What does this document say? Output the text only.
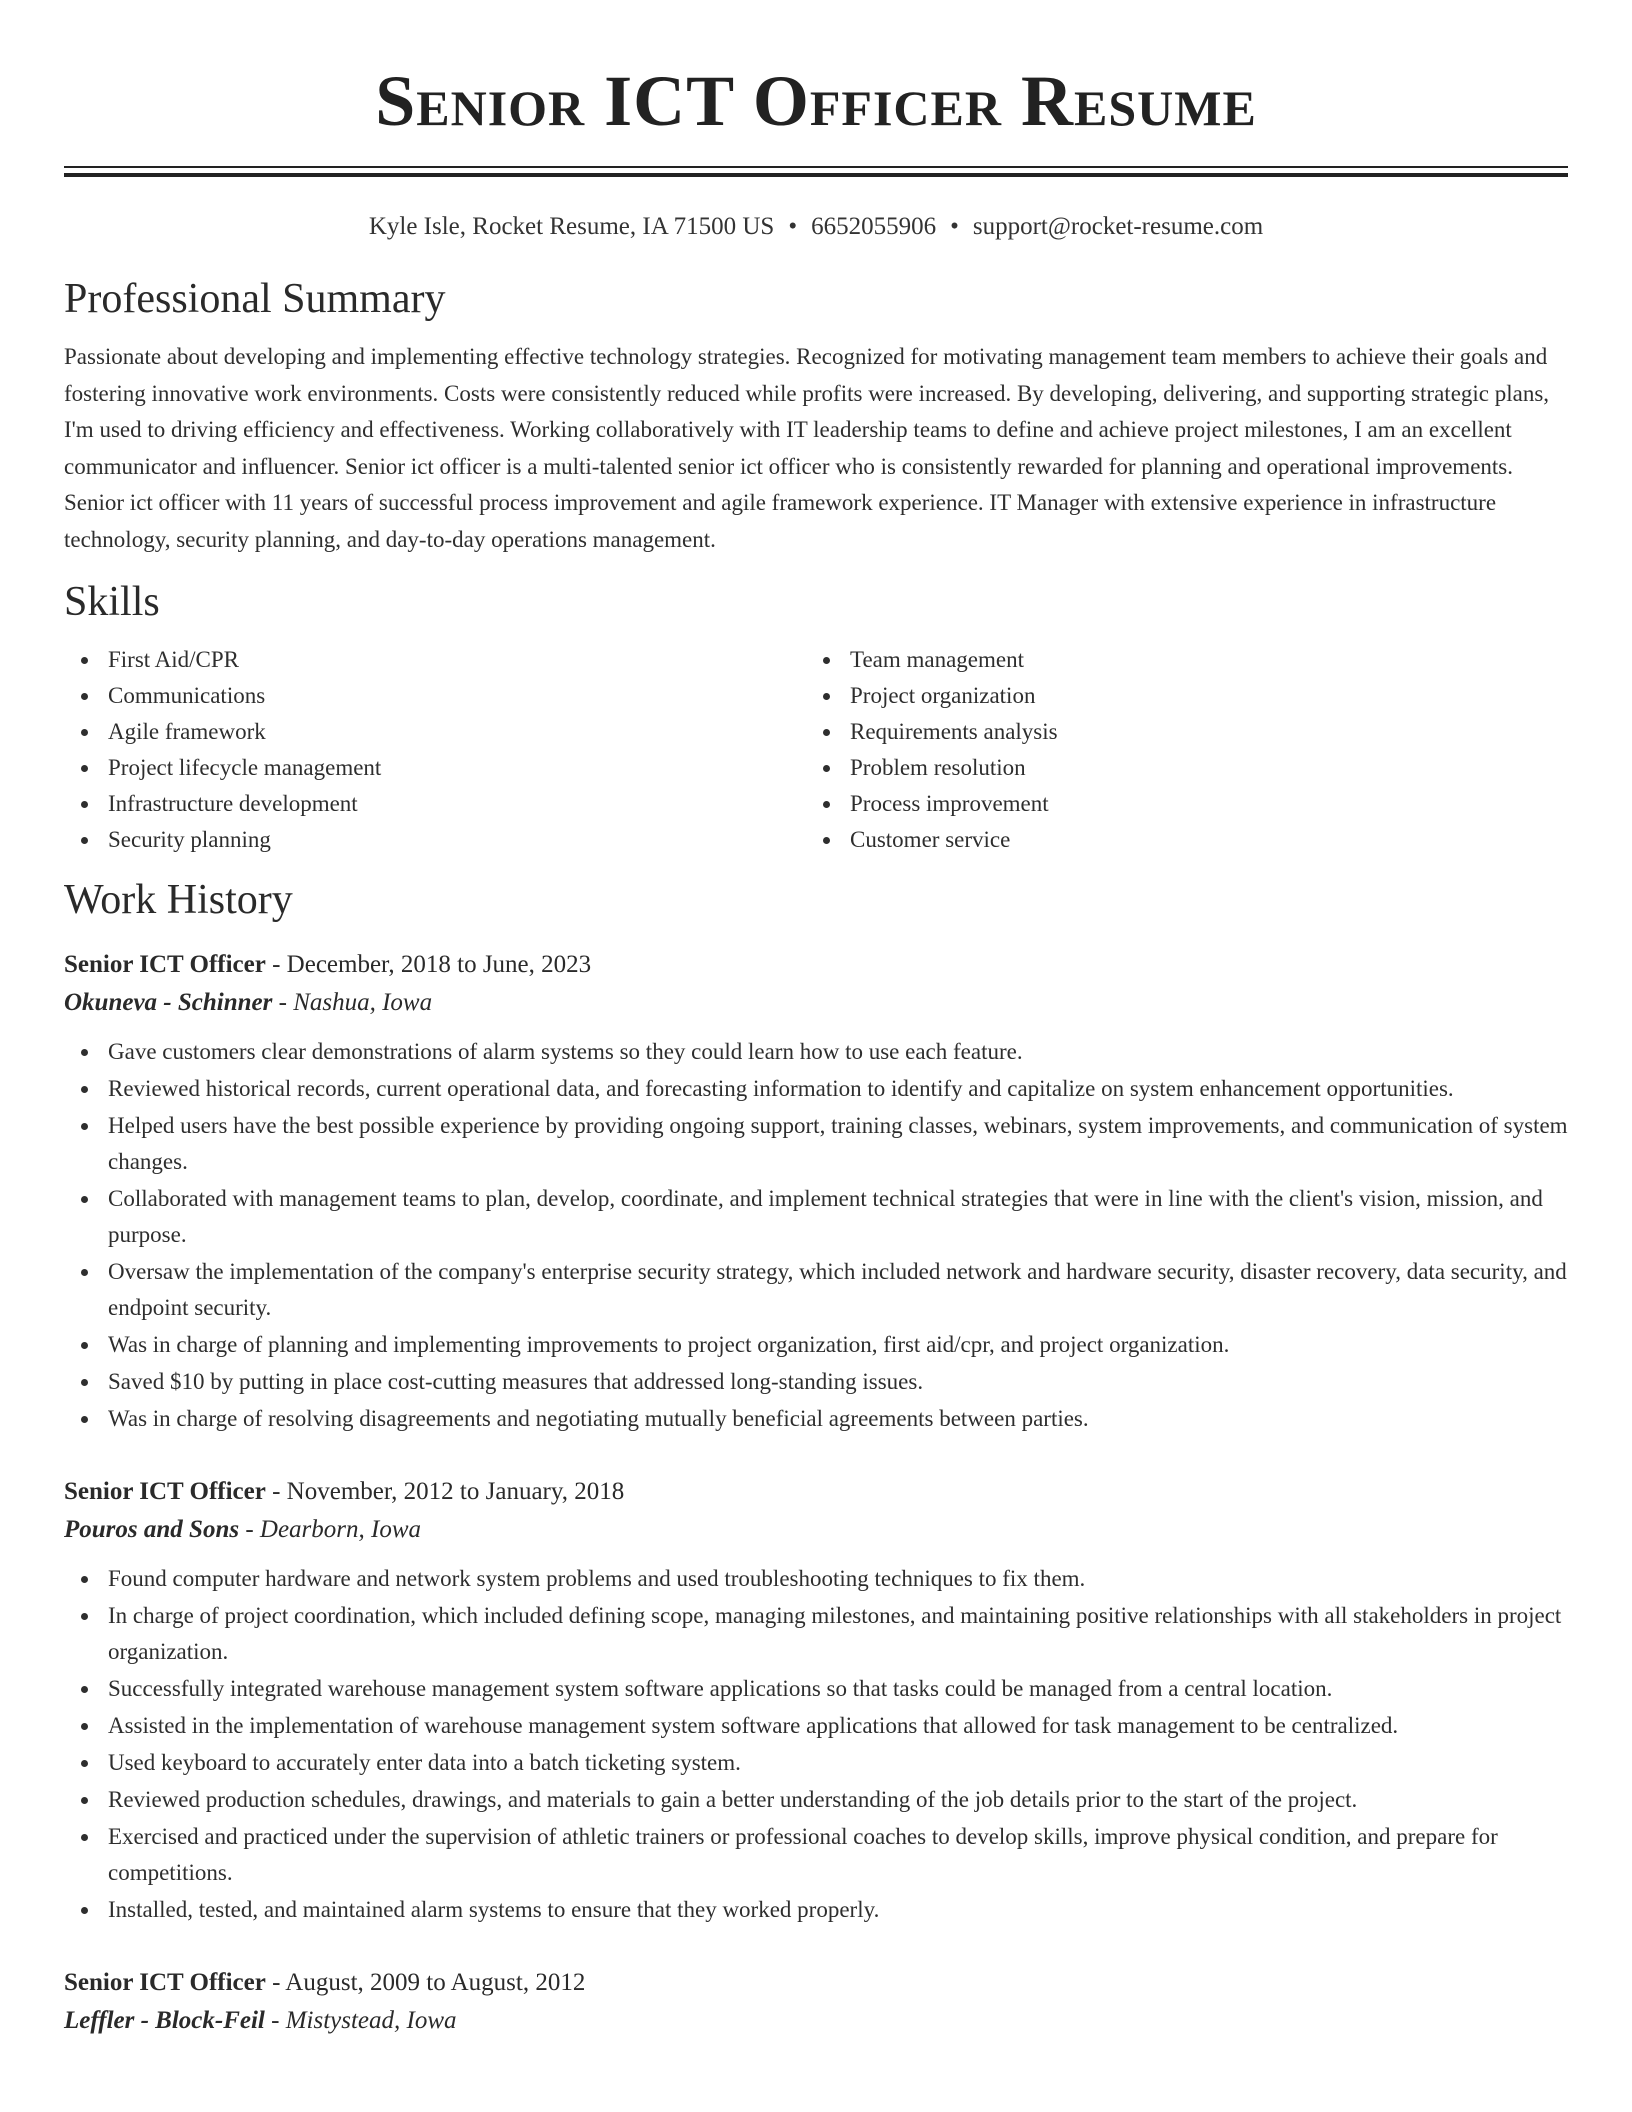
Senior ICT Officer Resume
Kyle Isle, Rocket Resume, IA 71500 US • 6652055906 • support@rocket-resume.com
Professional Summary
Passionate about developing and implementing effective technology strategies. Recognized for motivating management team members to achieve their goals and fostering innovative work environments. Costs were consistently reduced while profits were increased. By developing, delivering, and supporting strategic plans, I'm used to driving efficiency and effectiveness. Working collaboratively with IT leadership teams to define and achieve project milestones, I am an excellent communicator and influencer. Senior ict officer is a multi-talented senior ict officer who is consistently rewarded for planning and operational improvements. Senior ict officer with 11 years of successful process improvement and agile framework experience. IT Manager with extensive experience in infrastructure technology, security planning, and day-to-day operations management.
Skills
First Aid/CPR
Communications
Agile framework
Project lifecycle management
Infrastructure development
Security planning
Team management
Project organization
Requirements analysis
Problem resolution
Process improvement
Customer service
Work History
Senior ICT Officer - December, 2018 to June, 2023
Okuneva - Schinner - Nashua, Iowa
Gave customers clear demonstrations of alarm systems so they could learn how to use each feature.
Reviewed historical records, current operational data, and forecasting information to identify and capitalize on system enhancement opportunities.
Helped users have the best possible experience by providing ongoing support, training classes, webinars, system improvements, and communication of system changes.
Collaborated with management teams to plan, develop, coordinate, and implement technical strategies that were in line with the client's vision, mission, and purpose.
Oversaw the implementation of the company's enterprise security strategy, which included network and hardware security, disaster recovery, data security, and endpoint security.
Was in charge of planning and implementing improvements to project organization, first aid/cpr, and project organization.
Saved $10 by putting in place cost-cutting measures that addressed long-standing issues.
Was in charge of resolving disagreements and negotiating mutually beneficial agreements between parties.
Senior ICT Officer - November, 2012 to January, 2018
Pouros and Sons - Dearborn, Iowa
Found computer hardware and network system problems and used troubleshooting techniques to fix them.
In charge of project coordination, which included defining scope, managing milestones, and maintaining positive relationships with all stakeholders in project organization.
Successfully integrated warehouse management system software applications so that tasks could be managed from a central location.
Assisted in the implementation of warehouse management system software applications that allowed for task management to be centralized.
Used keyboard to accurately enter data into a batch ticketing system.
Reviewed production schedules, drawings, and materials to gain a better understanding of the job details prior to the start of the project.
Exercised and practiced under the supervision of athletic trainers or professional coaches to develop skills, improve physical condition, and prepare for competitions.
Installed, tested, and maintained alarm systems to ensure that they worked properly.
Senior ICT Officer - August, 2009 to August, 2012
Leffler - Block-Feil - Mistystead, Iowa
